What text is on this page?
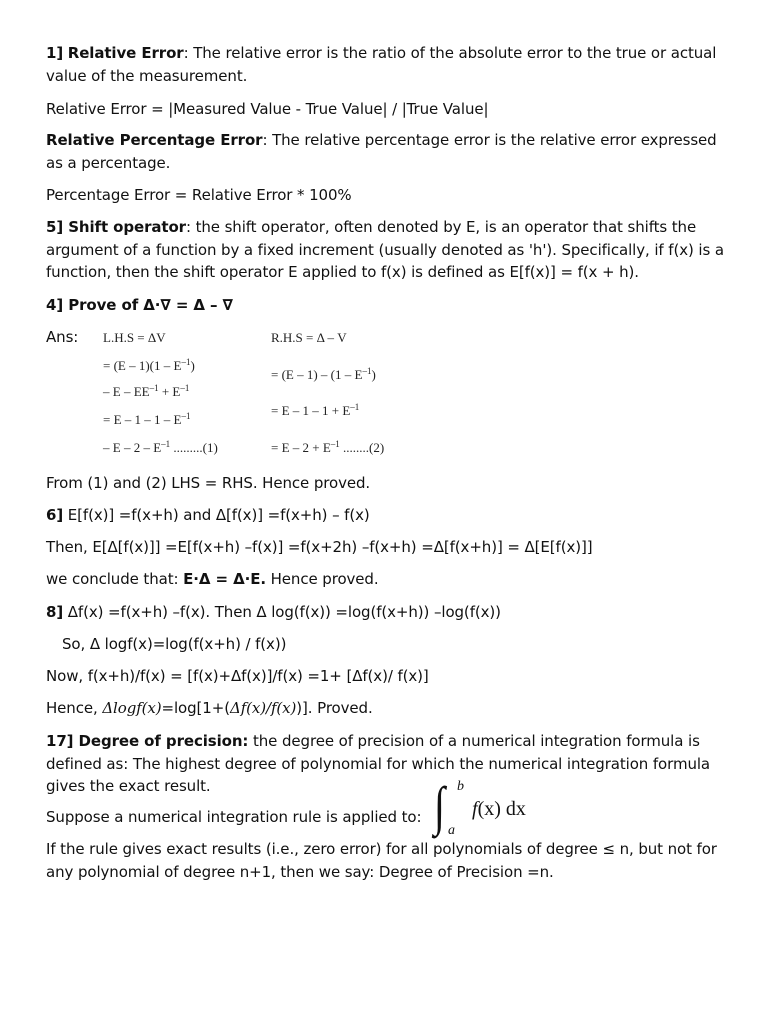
1] Relative Error: The relative error is the ratio of the absolute error to the true or actual value of the measurement.

Relative Error = |Measured Value - True Value| / |True Value|

Relative Percentage Error: The relative percentage error is the relative error expressed as a percentage.

Percentage Error = Relative Error * 100%

5] Shift operator: the shift operator, often denoted by E, is an operator that shifts the argument of a function by a fixed increment (usually denoted as 'h'). Specifically, if f(x) is a function, then the shift operator E applied to f(x) is defined as E[f(x)] = f(x + h).

4] Prove of Δ·∇ = Δ – ∇

Ans:	L.H.S = ΔV
= $(E - 1)(1 - E^{-1})$
– $E - EE^{-1} + E^{-1}$
= E – $1 - 1 - E^{-1}$
– E – $2 - E^{-1}$ .........(1)
R.H.S = Δ – V
= $(E - 1) - (1 - E^{-1})$
= $E - 1 - 1 + E^{-1}$
= $E - 2 + E^{-1}$ ........(2)

From (1) and (2) LHS = RHS. Hence proved.

6] E[f(x)] =f(x+h) and Δ[f(x)] =f(x+h) – f(x)

Then, E[Δ[f(x)]] =E[f(x+h) –f(x)] =f(x+2h) –f(x+h) =Δ[f(x+h)] = Δ[E[f(x)]]

we conclude that: E·Δ = Δ·E. Hence proved.

8] Δf(x) =f(x+h) –f(x). Then Δ log(f(x)) =log(f(x+h)) –log(f(x))

So, Δ logf(x)=log(f(x+h) / f(x))

Now, f(x+h)/f(x) = [f(x)+Δf(x)]/f(x) =1+ [Δf(x)/ f(x)]

Hence, Δlog𝑓(𝑥)=log[1+(Δ𝑓(𝑥)/𝑓(𝑥))]. Proved.

17] Degree of precision: the degree of precision of a numerical integration formula is defined as: The highest degree of polynomial for which the numerical integration formula gives the exact result.

Suppose a numerical integration rule is applied to: ∫ b
a
f(x) dx

If the rule gives exact results (i.e., zero error) for all polynomials of degree ≤ n, but not for any polynomial of degree n+1, then we say: Degree of Precision =n.
